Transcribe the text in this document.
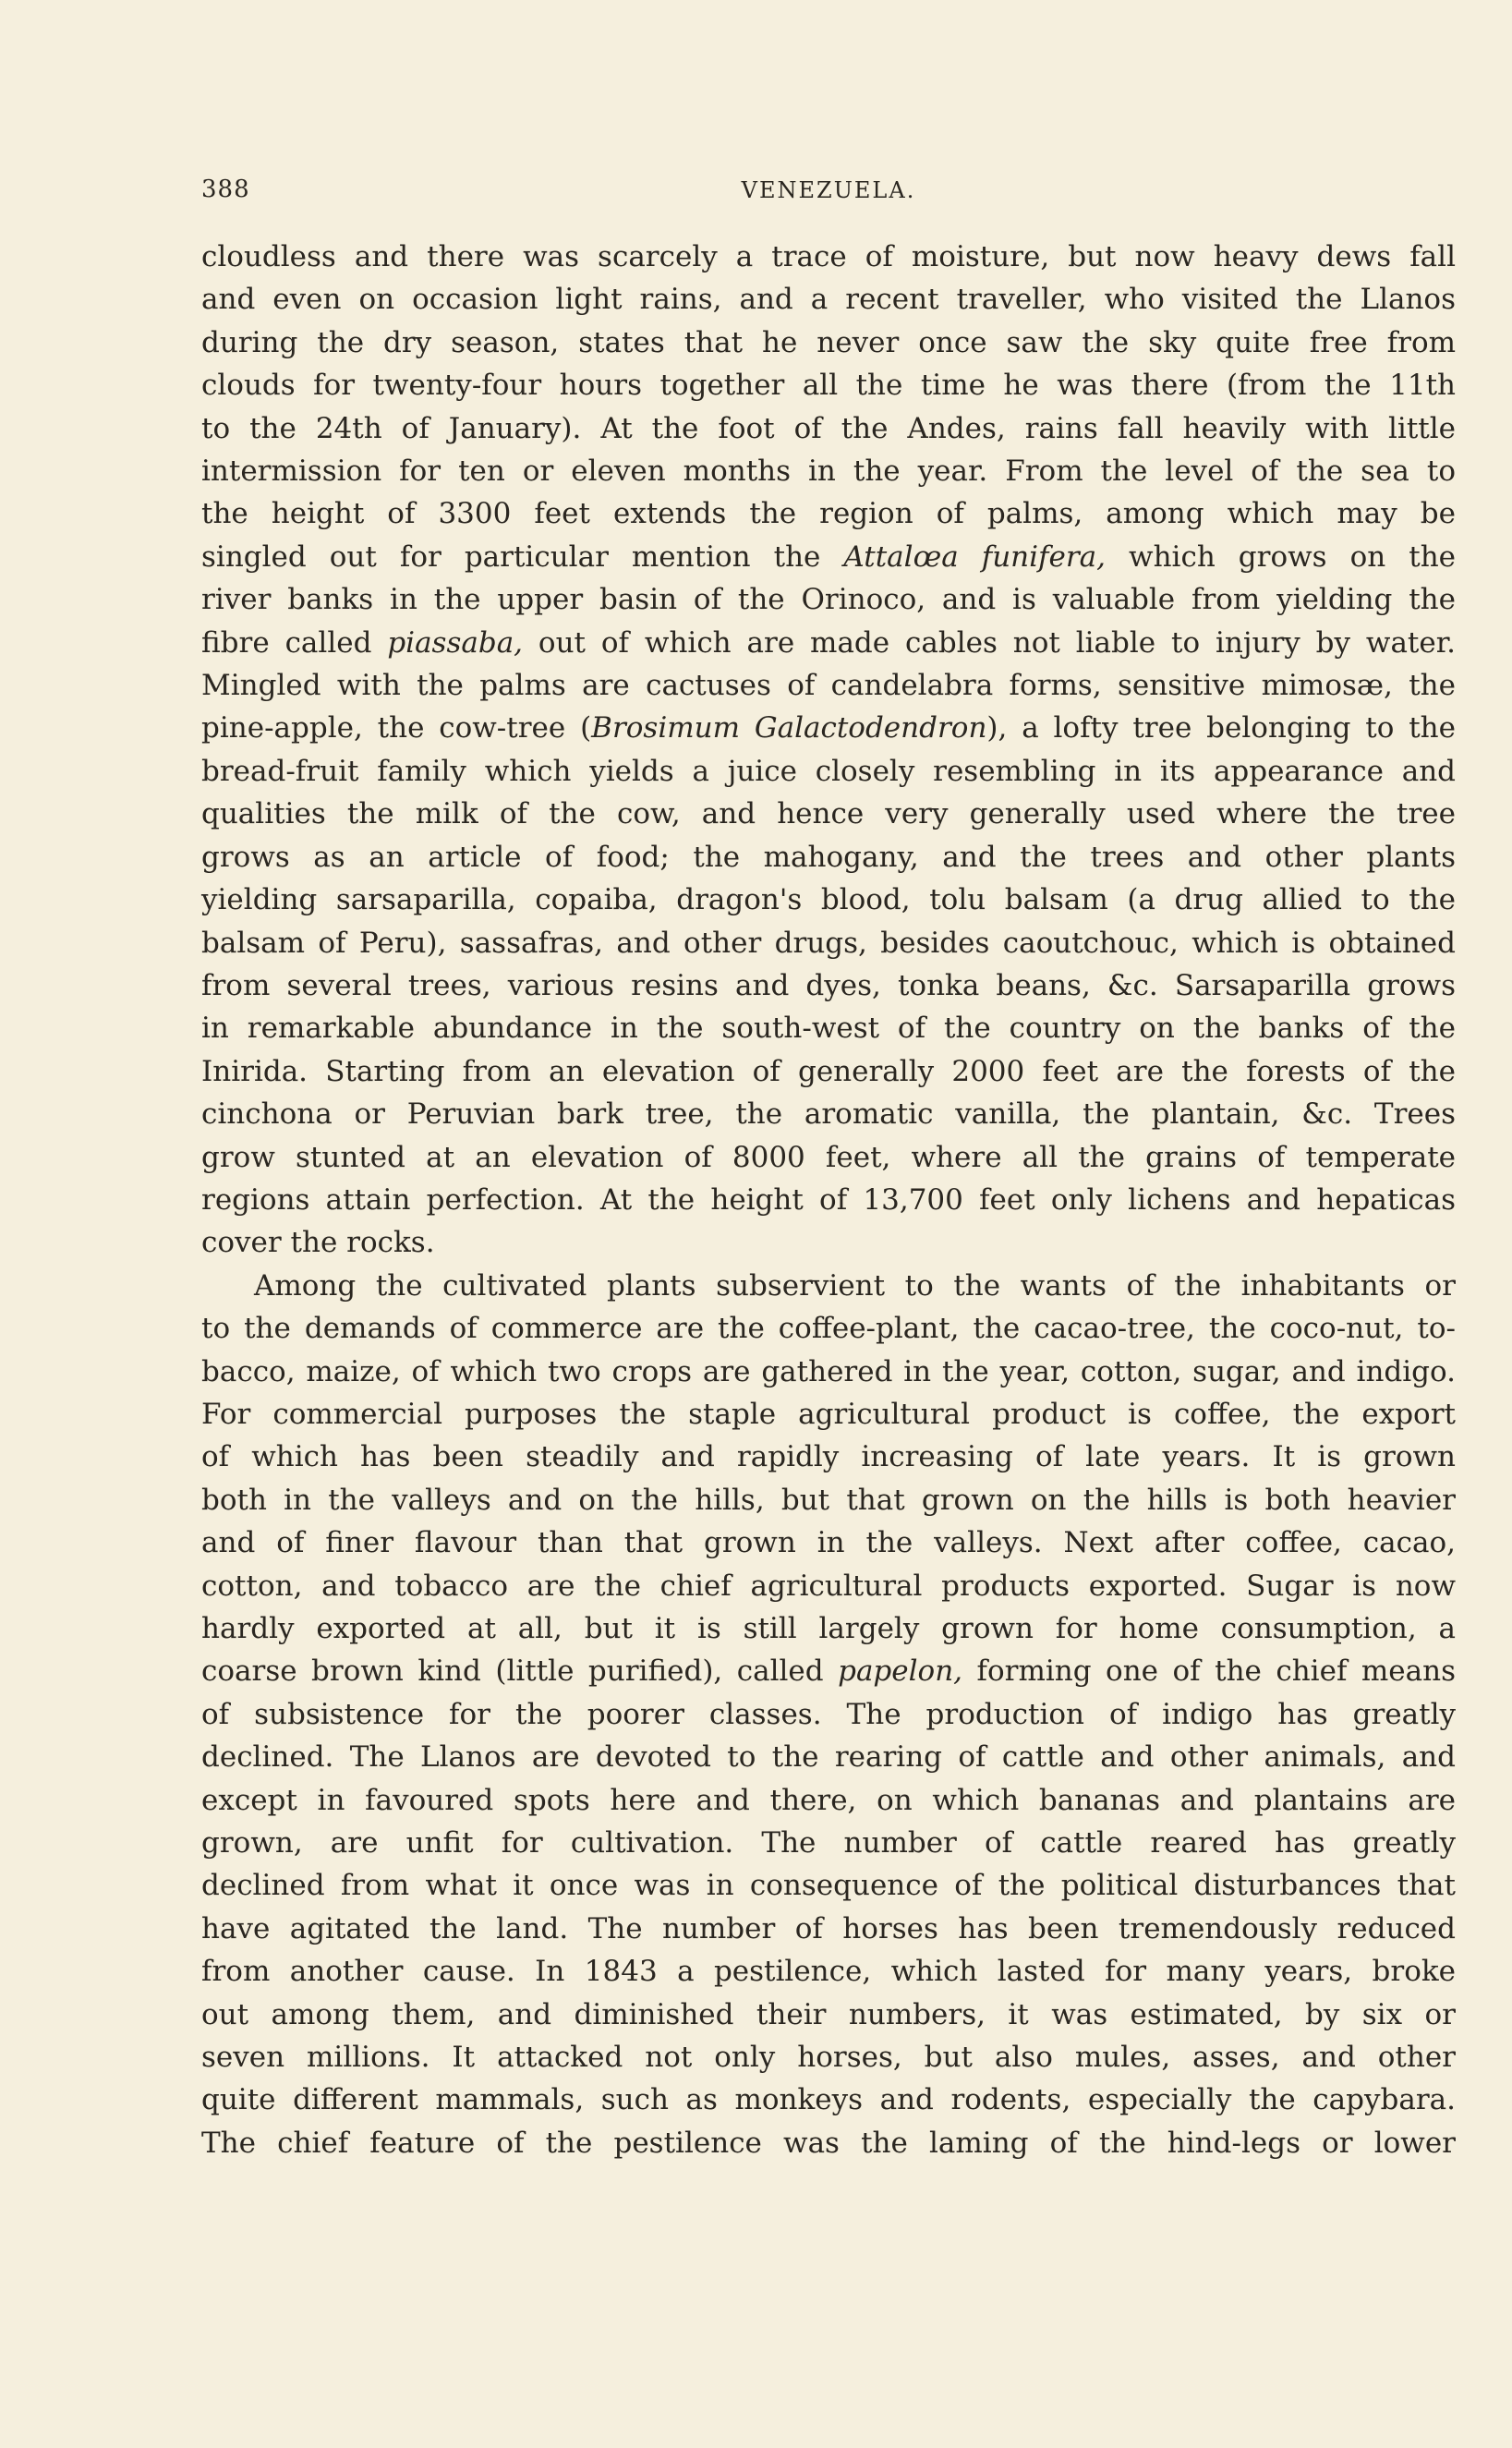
388	VENEZUELA.
cloudless and there was scarcely a trace of moisture, but now heavy dews fall
and even on occasion light rains, and a recent traveller, who visited the Llanos
during the dry season, states that he never once saw the sky quite free from
clouds for twenty-four hours together all the time he was there (from the 11th
to the 24th of January). At the foot of the Andes, rains fall heavily with little
intermission for ten or eleven months in the year. From the level of the sea to
the height of 3300 feet extends the region of palms, among which may be
singled out for particular mention the Attalœa funifera, which grows on the
river banks in the upper basin of the Orinoco, and is valuable from yielding the
fibre called piassaba, out of which are made cables not liable to injury by water.
Mingled with the palms are cactuses of candelabra forms, sensitive mimosæ, the
pine-apple, the cow-tree (Brosimum Galactodendron), a lofty tree belonging to the
bread-fruit family which yields a juice closely resembling in its appearance and
qualities the milk of the cow, and hence very generally used where the tree
grows as an article of food; the mahogany, and the trees and other plants
yielding sarsaparilla, copaiba, dragon's blood, tolu balsam (a drug allied to the
balsam of Peru), sassafras, and other drugs, besides caoutchouc, which is obtained
from several trees, various resins and dyes, tonka beans, &c. Sarsaparilla grows
in remarkable abundance in the south-west of the country on the banks of the
Inirida. Starting from an elevation of generally 2000 feet are the forests of the
cinchona or Peruvian bark tree, the aromatic vanilla, the plantain, &c. Trees
grow stunted at an elevation of 8000 feet, where all the grains of temperate
regions attain perfection. At the height of 13,700 feet only lichens and hepaticas
cover the rocks.
Among the cultivated plants subservient to the wants of the inhabitants or
to the demands of commerce are the coffee-plant, the cacao-tree, the coco-nut, to-
bacco, maize, of which two crops are gathered in the year, cotton, sugar, and indigo.
For commercial purposes the staple agricultural product is coffee, the export
of which has been steadily and rapidly increasing of late years. It is grown
both in the valleys and on the hills, but that grown on the hills is both heavier
and of finer flavour than that grown in the valleys. Next after coffee, cacao,
cotton, and tobacco are the chief agricultural products exported. Sugar is now
hardly exported at all, but it is still largely grown for home consumption, a
coarse brown kind (little purified), called papelon, forming one of the chief means
of subsistence for the poorer classes. The production of indigo has greatly
declined. The Llanos are devoted to the rearing of cattle and other animals, and
except in favoured spots here and there, on which bananas and plantains are
grown, are unfit for cultivation. The number of cattle reared has greatly
declined from what it once was in consequence of the political disturbances that
have agitated the land. The number of horses has been tremendously reduced
from another cause. In 1843 a pestilence, which lasted for many years, broke
out among them, and diminished their numbers, it was estimated, by six or
seven millions. It attacked not only horses, but also mules, asses, and other
quite different mammals, such as monkeys and rodents, especially the capybara.
The chief feature of the pestilence was the laming of the hind-legs or lower
